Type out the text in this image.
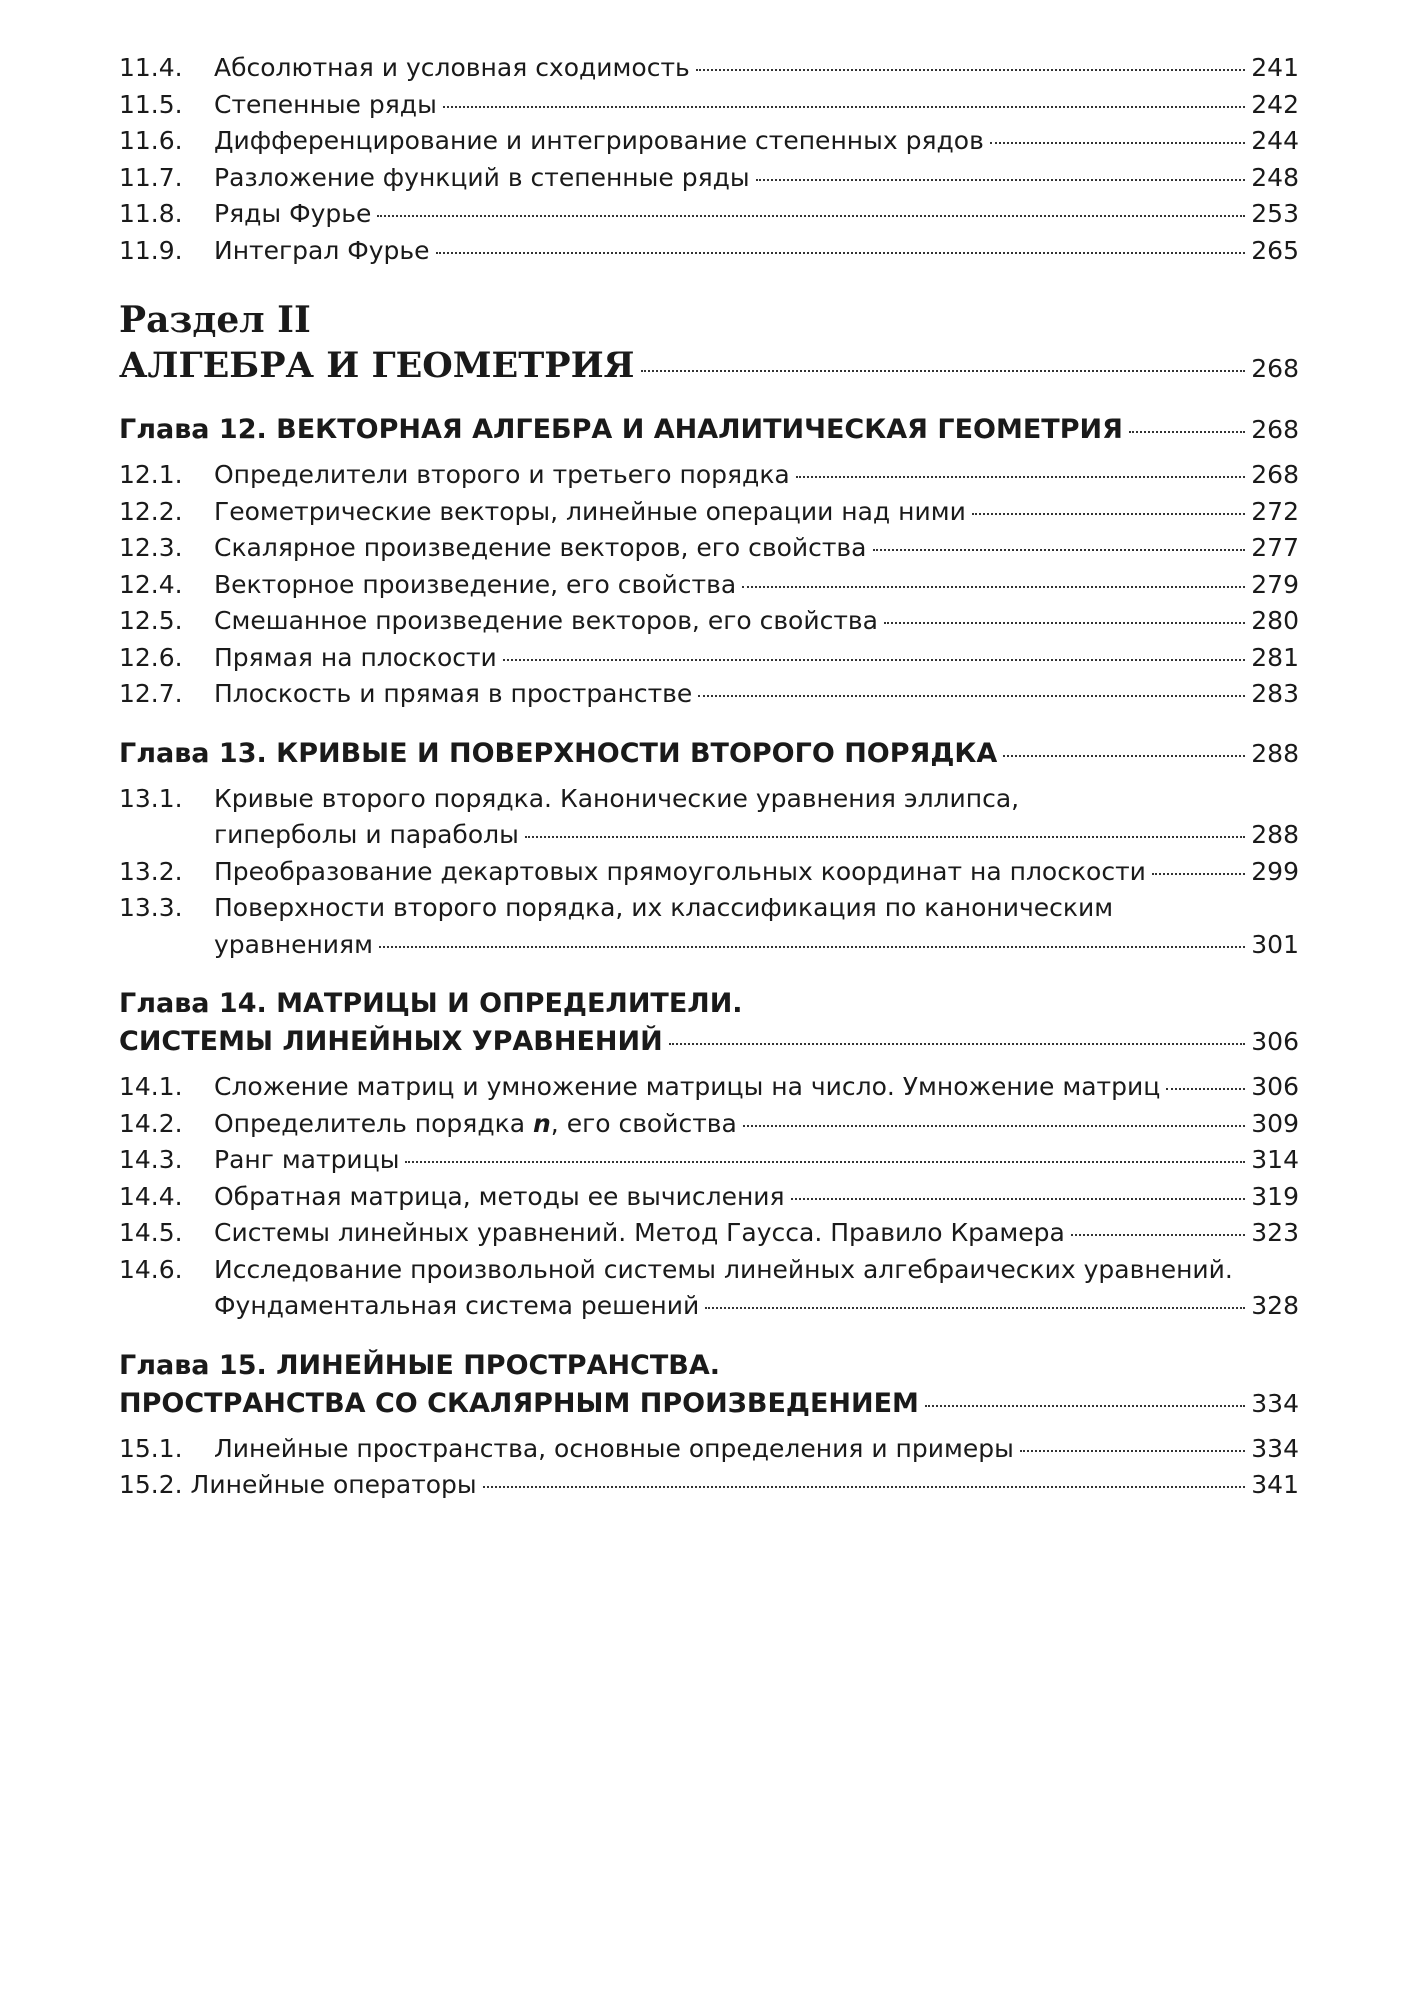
11.4.	Абсолютная и условная сходимость	241
11.5.	Степенные ряды	242
11.6.	Дифференцирование и интегрирование степенных рядов	244
11.7.	Разложение функций в степенные ряды	248
11.8.	Ряды Фурье	253
11.9.	Интеграл Фурье	265
Раздел II
АЛГЕБРА И ГЕОМЕТРИЯ	268
Глава 12. ВЕКТОРНАЯ АЛГЕБРА И АНАЛИТИЧЕСКАЯ ГЕОМЕТРИЯ	268
12.1.	Определители второго и третьего порядка	268
12.2.	Геометрические векторы, линейные операции над ними	272
12.3.	Скалярное произведение векторов, его свойства	277
12.4.	Векторное произведение, его свойства	279
12.5.	Смешанное произведение векторов, его свойства	280
12.6.	Прямая на плоскости	281
12.7.	Плоскость и прямая в пространстве	283
Глава 13. КРИВЫЕ И ПОВЕРХНОСТИ ВТОРОГО ПОРЯДКА	288
13.1.	Кривые второго порядка. Канонические уравнения эллипса,
гиперболы и параболы	288
13.2.	Преобразование декартовых прямоугольных координат на плоскости	299
13.3.	Поверхности второго порядка, их классификация по каноническим
уравнениям	301
Глава 14. МАТРИЦЫ И ОПРЕДЕЛИТЕЛИ.
СИСТЕМЫ ЛИНЕЙНЫХ УРАВНЕНИЙ	306
14.1.	Сложение матриц и умножение матрицы на число. Умножение матриц	306
14.2.	Определитель порядка n, его свойства	309
14.3.	Ранг матрицы	314
14.4.	Обратная матрица, методы ее вычисления	319
14.5.	Системы линейных уравнений. Метод Гаусса. Правило Крамера	323
14.6.	Исследование произвольной системы линейных алгебраических уравнений.
Фундаментальная система решений	328
Глава 15. ЛИНЕЙНЫЕ ПРОСТРАНСТВА.
ПРОСТРАНСТВА СО СКАЛЯРНЫМ ПРОИЗВЕДЕНИЕМ	334
15.1.	Линейные пространства, основные определения и примеры	334
15.2. Линейные операторы	341
